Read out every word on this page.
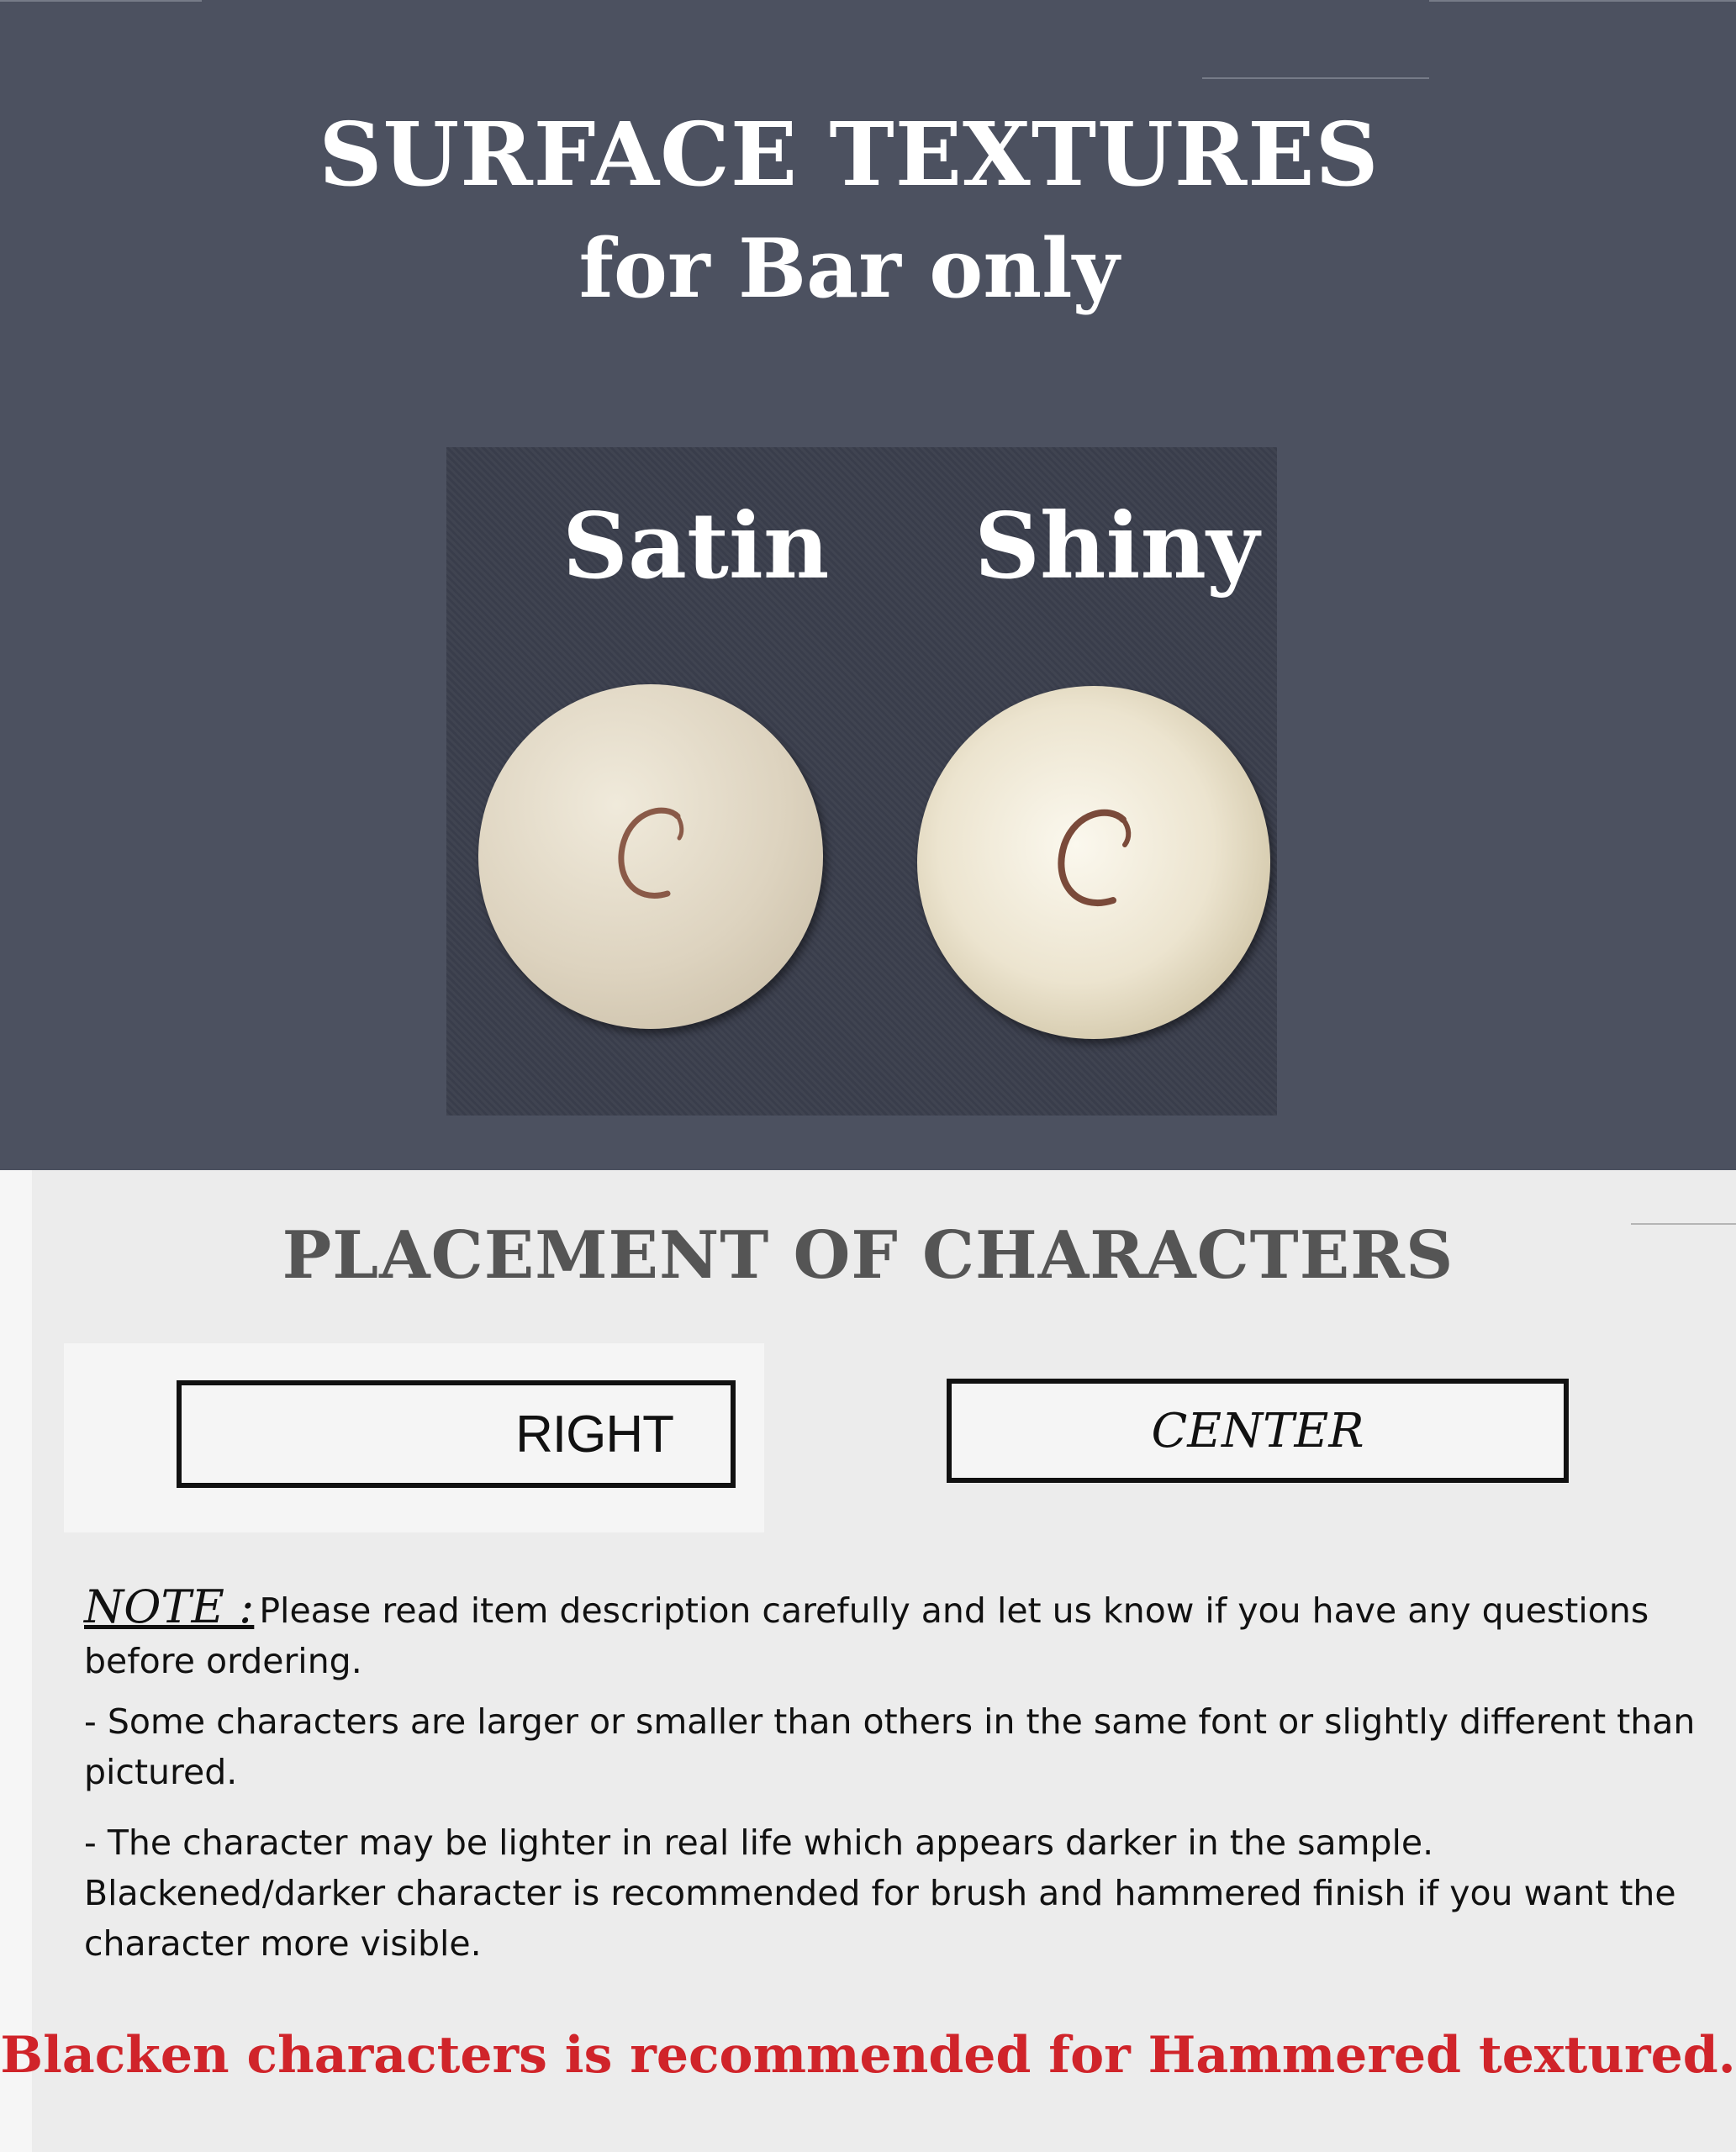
SURFACE TEXTURES
for Bar only
Satin Shiny
PLACEMENT OF CHARACTERS
RIGHT	CENTER

NOTE : Please read item description carefully and let us know if you have any questions before ordering.

- Some characters are larger or smaller than others in the same font or slightly different than pictured.

- The character may be lighter in real life which appears darker in the sample. Blackened/darker character is recommended for brush and hammered finish if you want the character more visible.

Blacken characters is recommended for Hammered textured.
